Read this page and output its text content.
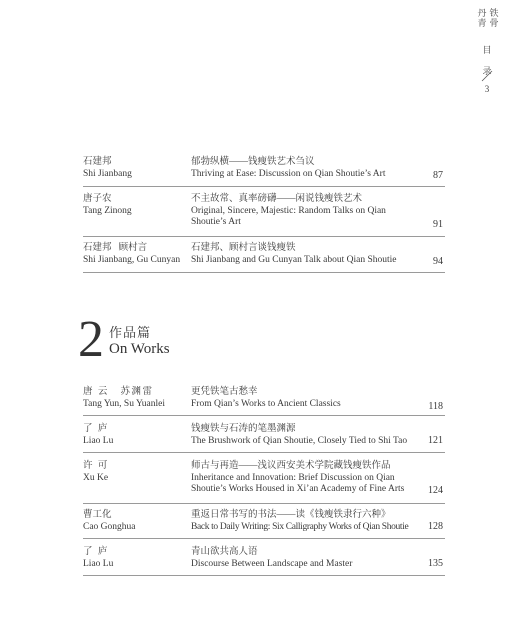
丹
青
铁
骨
目
录
3
石建邦
Shi Jianbang
郁勃纵横——钱瘦铁艺术刍议
Thriving at Ease: Discussion on Qian Shoutie’s Art	87
唐子农
Tang Zinong
不主故常、真率磅礴——闲说钱瘦铁艺术
Original, Sincere, Majestic: Random Talks on Qian
Shoutie’s Art	91
石建邦   顾村言
Shi Jianbang, Gu Cunyan
石建邦、顾村言谈钱瘦铁
Shi Jianbang and Gu Cunyan Talk about Qian Shoutie	94
2 作品篇
On Works
唐 云   苏渊雷
Tang Yun, Su Yuanlei
更凭铁笔古愁幸
From Qian’s Works to Ancient Classics	118
了 庐
Liao Lu
钱瘦铁与石涛的笔墨渊源
The Brushwork of Qian Shoutie, Closely Tied to Shi Tao	121
许 可
Xu Ke
师古与再造——浅议西安美术学院藏钱瘦铁作品
Inheritance and Innovation: Brief Discussion on Qian
Shoutie’s Works Housed in Xi’an Academy of Fine Arts	124
曹工化
Cao Gonghua
重返日常书写的书法——读《钱瘦铁隶行六种》
Back to Daily Writing: Six Calligraphy Works of Qian Shoutie	128
了 庐
Liao Lu
青山欲共高人语
Discourse Between Landscape and Master	135
